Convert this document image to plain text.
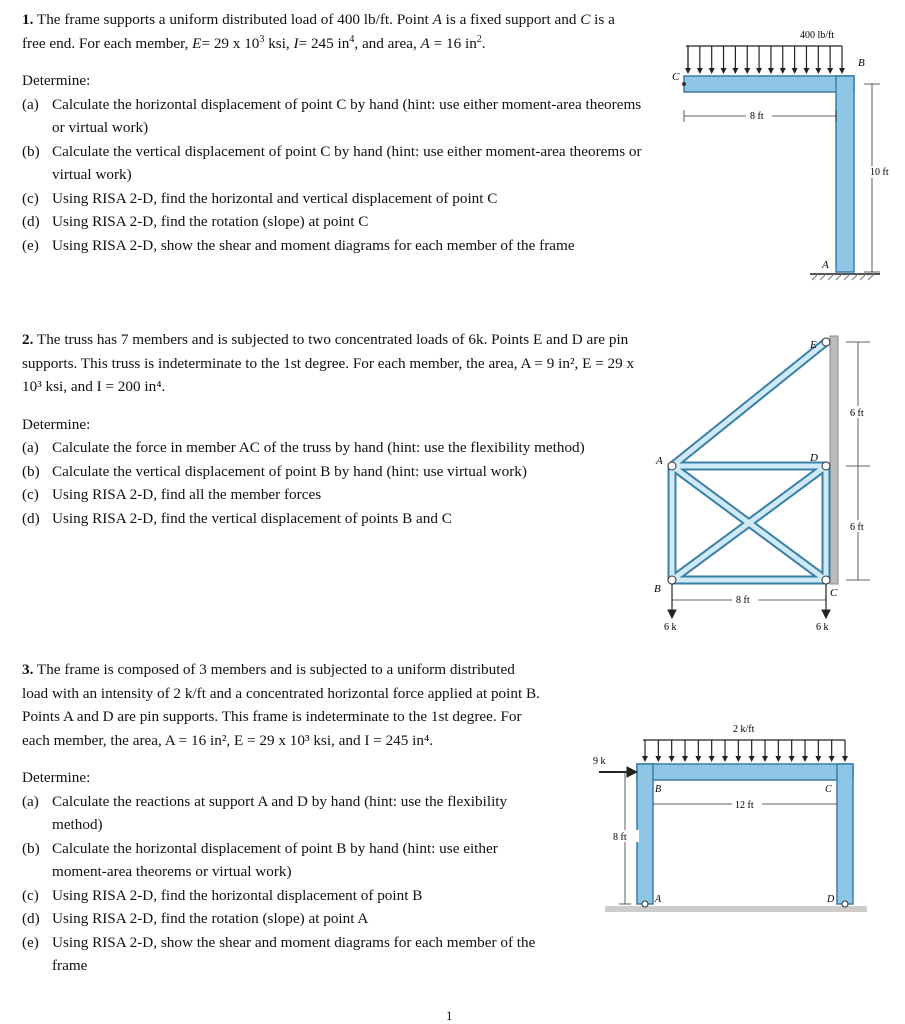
1. The frame supports a uniform distributed load of 400 lb/ft. Point A is a fixed support and C is a free end. For each member, E= 29 x $10^3$ ksi, I= 245 $in^4$, and area, A = 16 $in^2$.

Determine:

(a) Calculate the horizontal displacement of point C by hand (hint: use either moment-area theorems or virtual work)
(b) Calculate the vertical displacement of point C by hand (hint: use either moment-area theorems or virtual work)
(c) Using RISA 2-D, find the horizontal and vertical displacement of point C
(d) Using RISA 2-D, find the rotation (slope) at point C
(e) Using RISA 2-D, show the shear and moment diagrams for each member of the frame
400 lb/ft
C
B
A
8 ft
10 ft

2. The truss has 7 members and is subjected to two concentrated loads of 6k. Points E and D are pin supports. This truss is indeterminate to the 1st degree. For each member, the area, A = 9 in², E = 29 x 10³ ksi, and I = 200 in⁴.

Determine:

(a) Calculate the force in member AC of the truss by hand (hint: use the flexibility method)
(b) Calculate the vertical displacement of point B by hand (hint: use virtual work)
(c) Using RISA 2-D, find all the member forces
(d) Using RISA 2-D, find the vertical displacement of points B and C
E
D
A
B	C
6 ft
6 ft
8 ft
6 k	6 k

3. The frame is composed of 3 members and is subjected to a uniform distributed load with an intensity of 2 k/ft and a concentrated horizontal force applied at point B. Points A and D are pin supports. This frame is indeterminate to the 1st degree. For each member, the area, A = 16 in², E = 29 x 10³ ksi, and I = 245 in⁴.

Determine:

(a) Calculate the reactions at support A and D by hand (hint: use the flexibility method)
(b) Calculate the horizontal displacement of point B by hand (hint: use either moment-area theorems or virtual work)
(c) Using RISA 2-D, find the horizontal displacement of point B
(d) Using RISA 2-D, find the rotation (slope) at point A
(e) Using RISA 2-D, show the shear and moment diagrams for each member of the frame
2 k/ft
9 k
B	C
A	D
12 ft
8 ft
1
